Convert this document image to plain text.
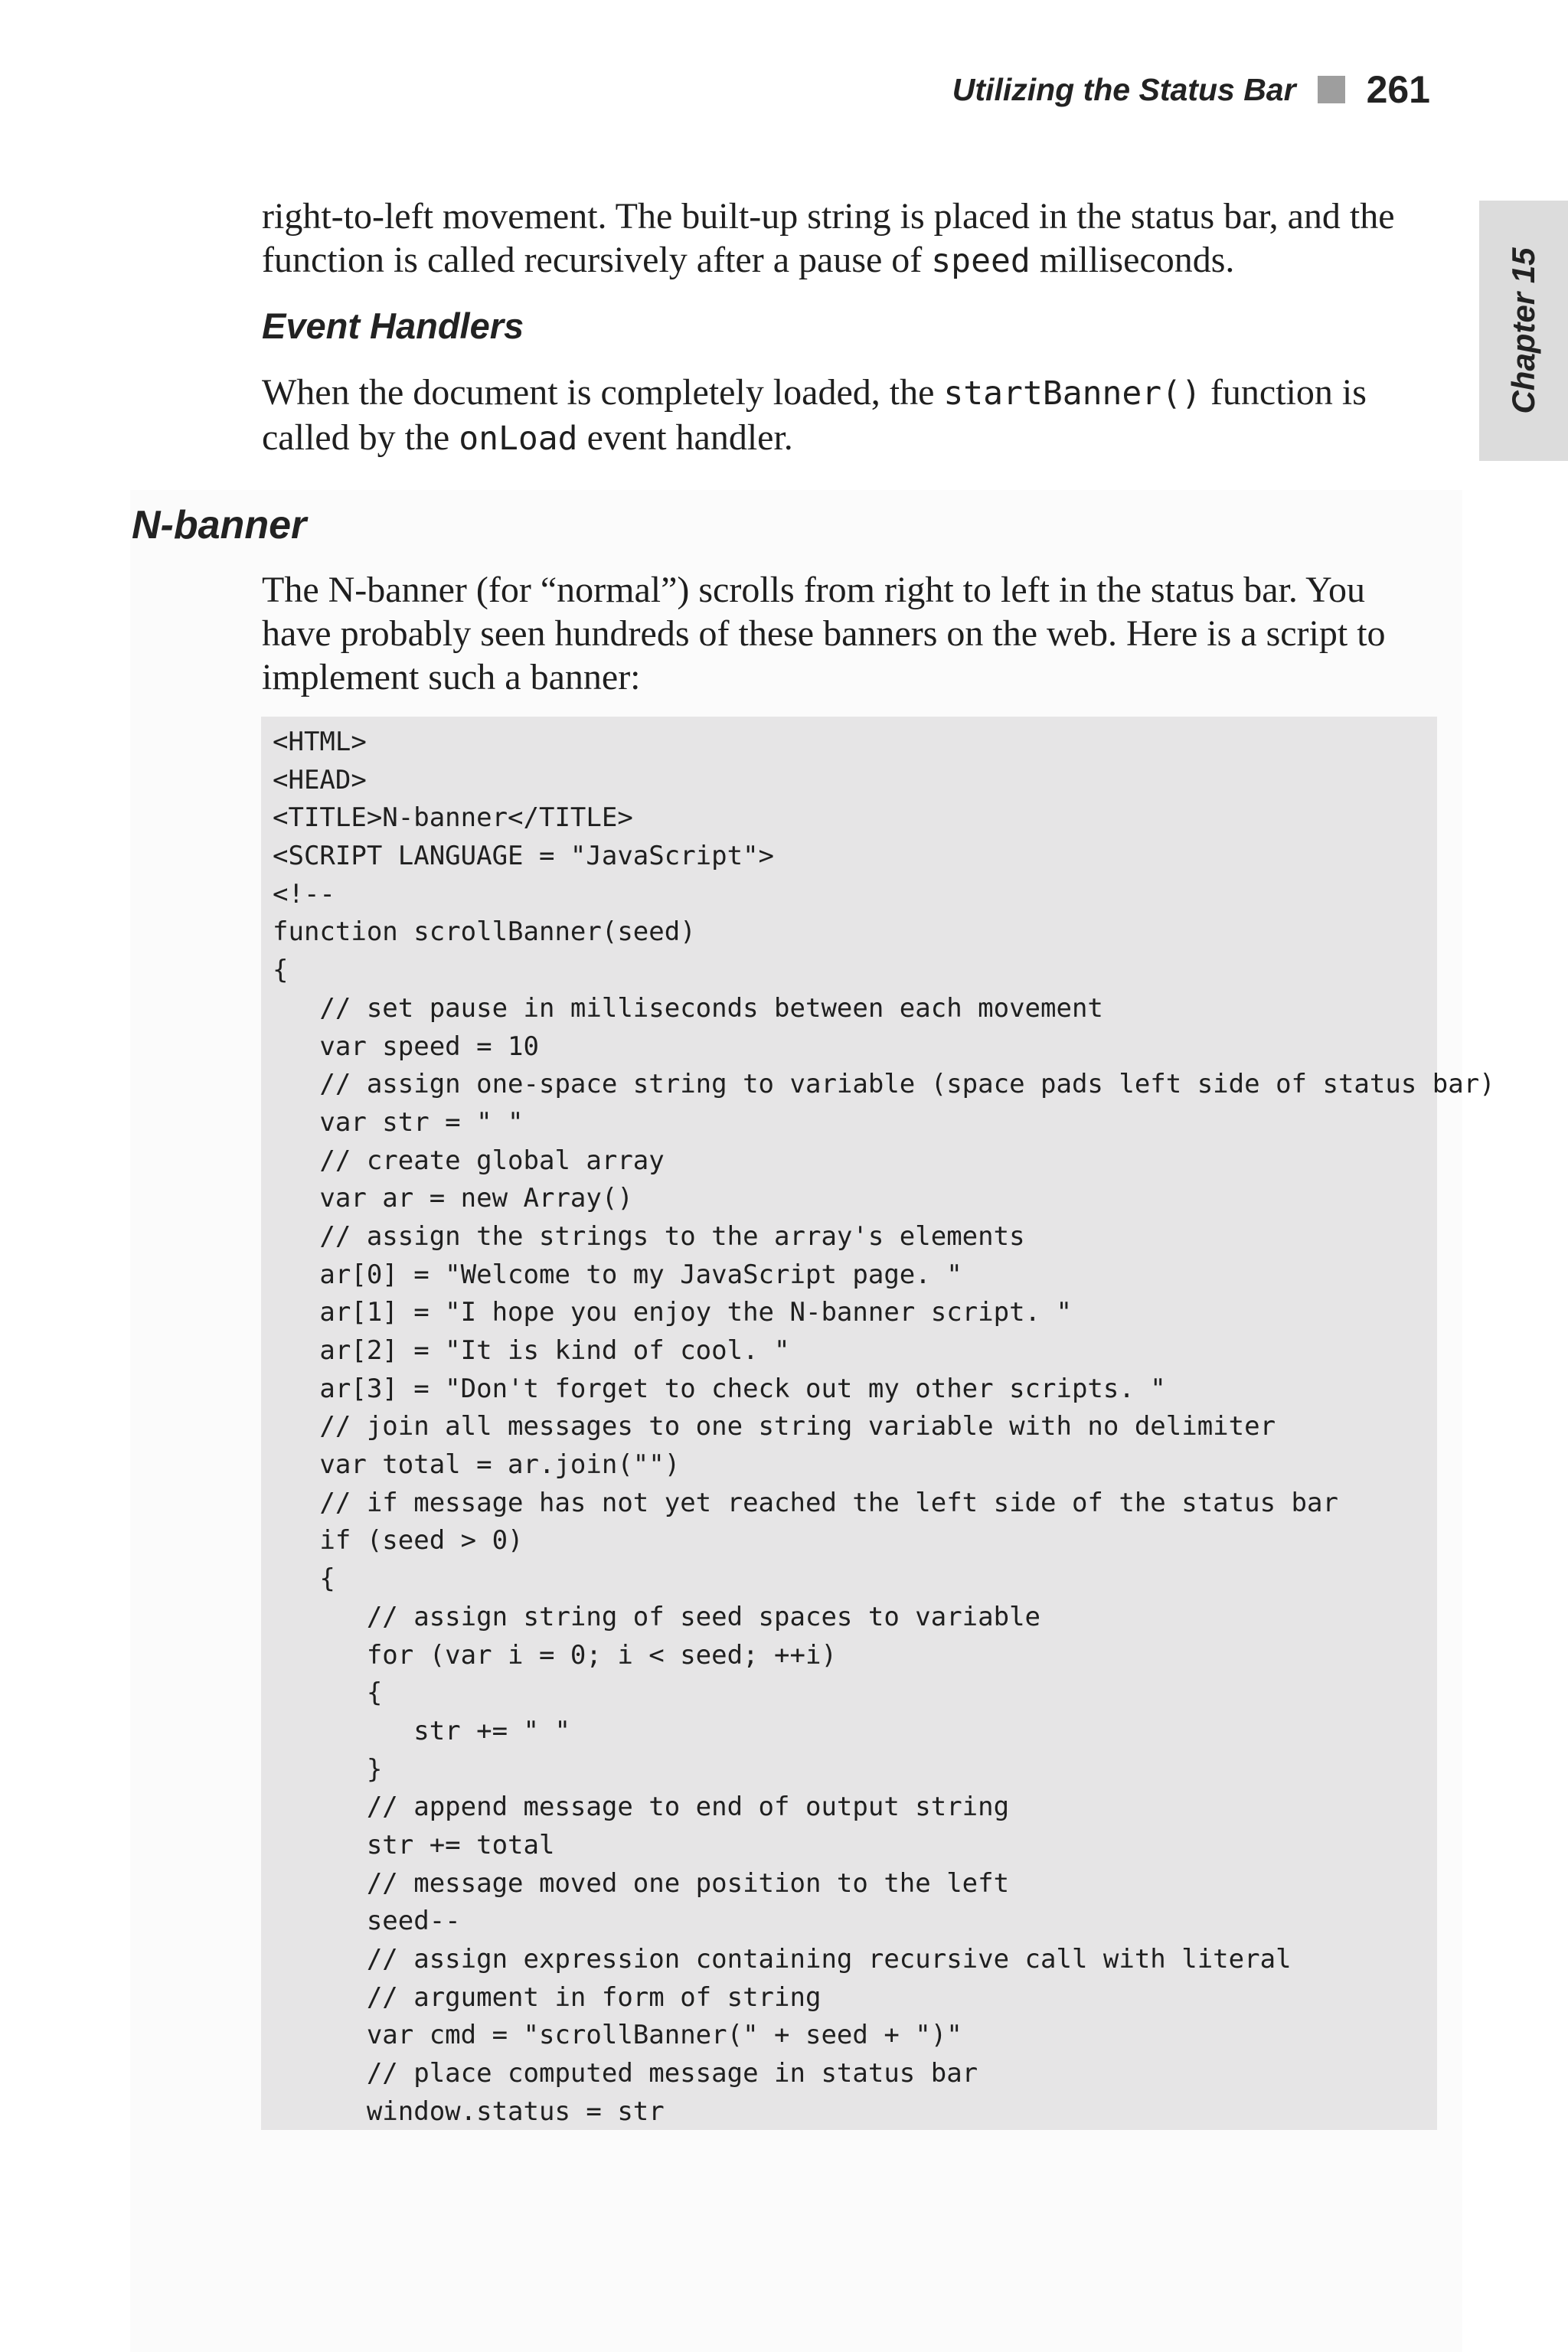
Utilizing the Status Bar 261
Chapter 15

right-to-left movement. The built-up string is placed in the status bar, and the function is called recursively after a pause of speed milliseconds.

Event Handlers

When the document is completely loaded, the startBanner() function is called by the onLoad event handler.

N-banner

The N-banner (for “normal”) scrolls from right to left in the status bar. You have probably seen hundreds of these banners on the web. Here is a script to implement such a banner:

<HTML>
<HEAD>
<TITLE>N-banner</TITLE>
<SCRIPT LANGUAGE = "JavaScript">
<!--
function scrollBanner(seed)
{
// set pause in milliseconds between each movement
var speed = 10
// assign one-space string to variable (space pads left side of status bar)
var str = " "
// create global array
var ar = new Array()
// assign the strings to the array's elements
ar[0] = "Welcome to my JavaScript page. "
ar[1] = "I hope you enjoy the N-banner script. "
ar[2] = "It is kind of cool. "
ar[3] = "Don't forget to check out my other scripts. "
// join all messages to one string variable with no delimiter
var total = ar.join("")
// if message has not yet reached the left side of the status bar
if (seed > 0)
{
// assign string of seed spaces to variable
for (var i = 0; i < seed; ++i)
{
str += " "
}
// append message to end of output string
str += total
// message moved one position to the left
seed--
// assign expression containing recursive call with literal
// argument in form of string
var cmd = "scrollBanner(" + seed + ")"
// place computed message in status bar
window.status = str
